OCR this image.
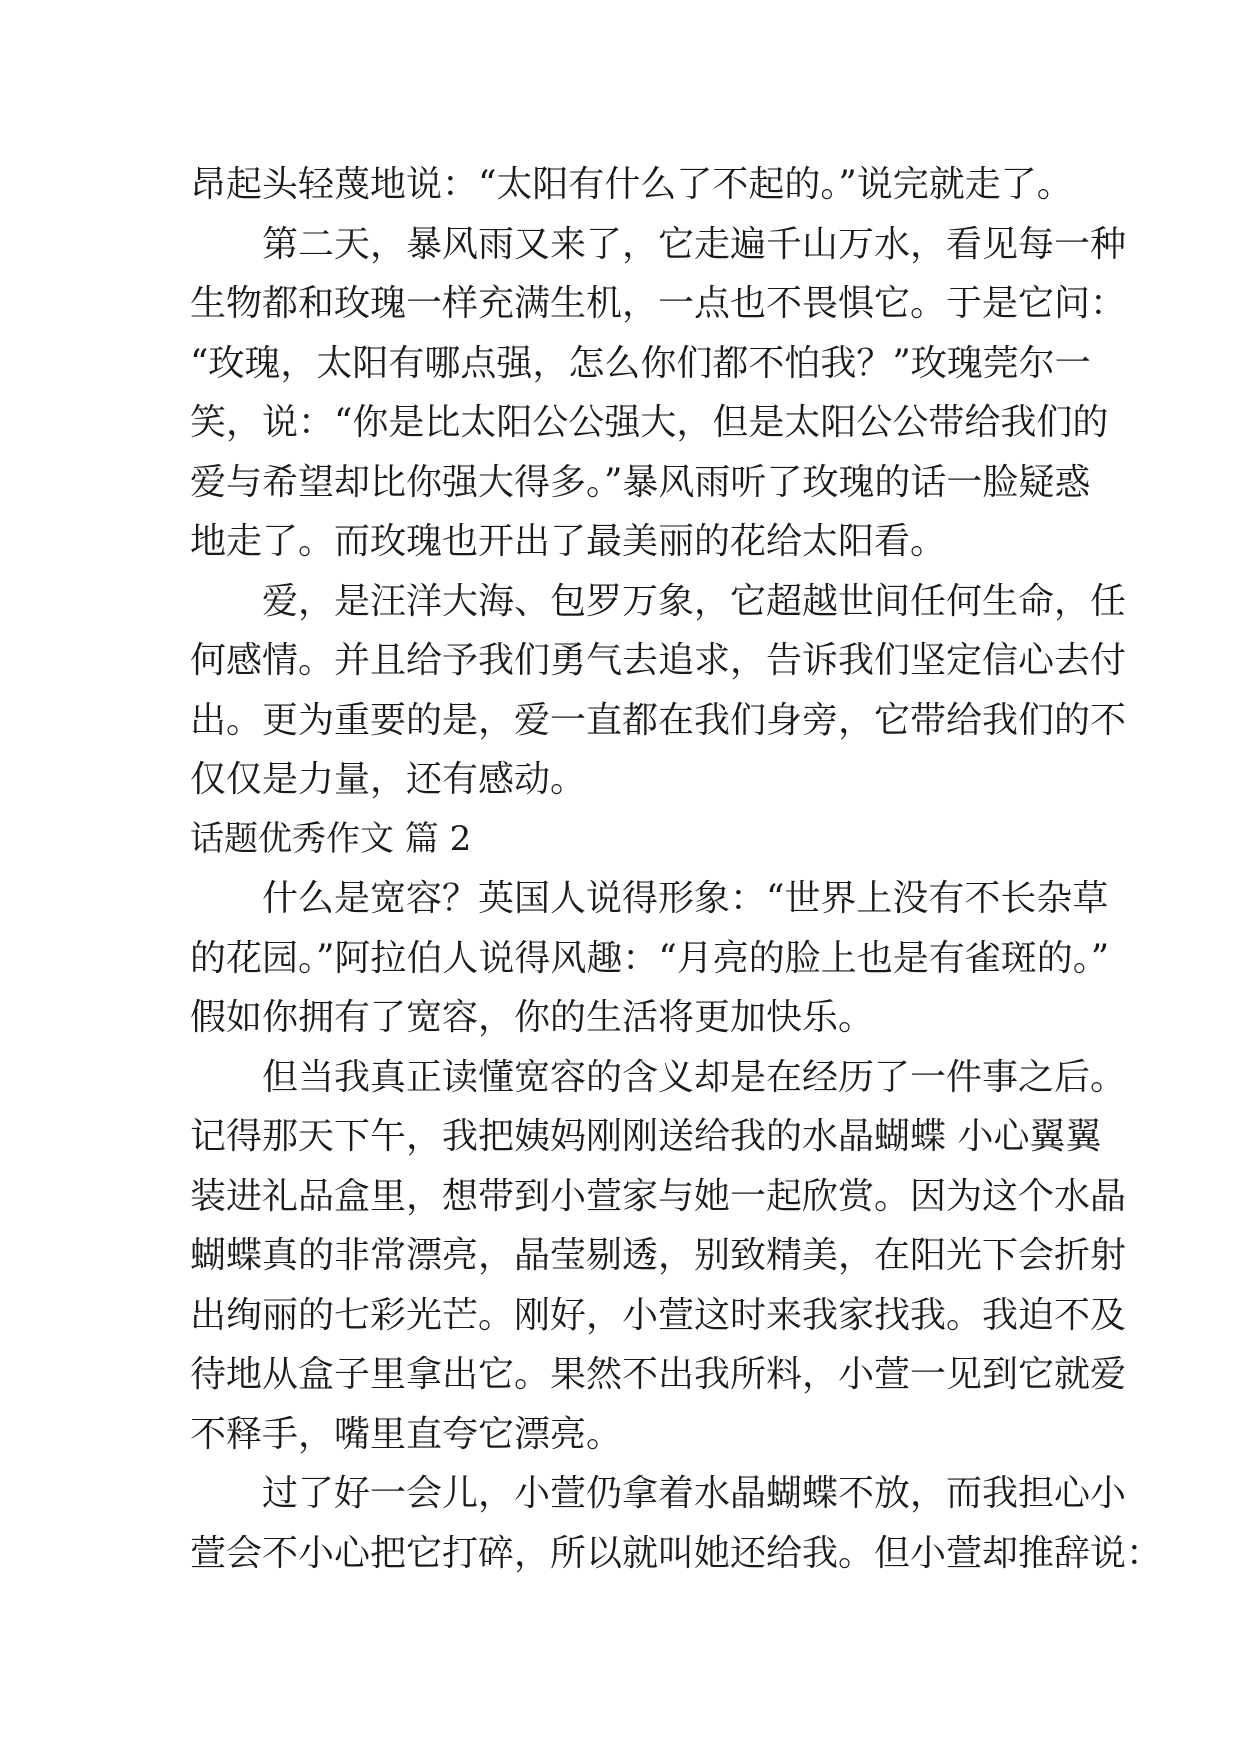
昂起头轻蔑地说：“太阳有什么了不起的。”说完就走了。
第二天，暴风雨又来了，它走遍千山万水，看见每一种
生物都和玫瑰一样充满生机，一点也不畏惧它。于是它问：
“玫瑰，太阳有哪点强，怎么你们都不怕我？”玫瑰莞尔一
笑，说：“你是比太阳公公强大，但是太阳公公带给我们的
爱与希望却比你强大得多。”暴风雨听了玫瑰的话一脸疑惑
地走了。而玫瑰也开出了最美丽的花给太阳看。
爱，是汪洋大海、包罗万象，它超越世间任何生命，任
何感情。并且给予我们勇气去追求，告诉我们坚定信心去付
出。更为重要的是，爱一直都在我们身旁，它带给我们的不
仅仅是力量，还有感动。
话题优秀作文 篇 2
什么是宽容？英国人说得形象：“世界上没有不长杂草
的花园。”阿拉伯人说得风趣：“月亮的脸上也是有雀斑的。”
假如你拥有了宽容，你的生活将更加快乐。
但当我真正读懂宽容的含义却是在经历了一件事之后。
记得那天下午，我把姨妈刚刚送给我的水晶蝴蝶 小心翼翼
装进礼品盒里，想带到小萱家与她一起欣赏。因为这个水晶
蝴蝶真的非常漂亮，晶莹剔透，别致精美，在阳光下会折射
出绚丽的七彩光芒。刚好，小萱这时来我家找我。我迫不及
待地从盒子里拿出它。果然不出我所料，小萱一见到它就爱
不释手，嘴里直夸它漂亮。
过了好一会儿，小萱仍拿着水晶蝴蝶不放，而我担心小
萱会不小心把它打碎，所以就叫她还给我。但小萱却推辞说：
